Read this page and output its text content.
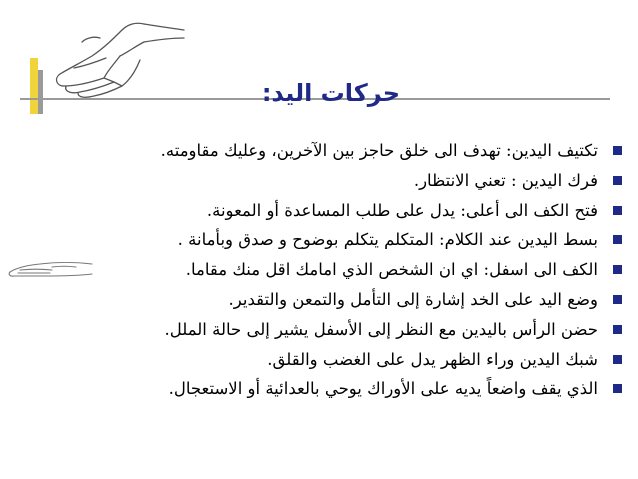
حركات اليد:
تكتيف اليدين: تهدف الى خلق حاجز بين الآخرين، وعليك مقاومته.
فرك اليدين : تعني الانتظار.
فتح الكف الى أعلى: يدل على طلب المساعدة أو المعونة.
بسط اليدين عند الكلام: المتكلم يتكلم بوضوح و صدق وبأمانة .
الكف الى اسفل: اي ان الشخص الذي امامك اقل منك مقاما.
وضع اليد على الخد إشارة إلى التأمل والتمعن والتقدير.
حضن الرأس باليدين مع النظر إلى الأسفل يشير إلى حالة الملل.
شبك اليدين وراء الظهر يدل على الغضب والقلق.
الذي يقف واضعاً يديه على الأوراك يوحي بالعدائية أو الاستعجال.
